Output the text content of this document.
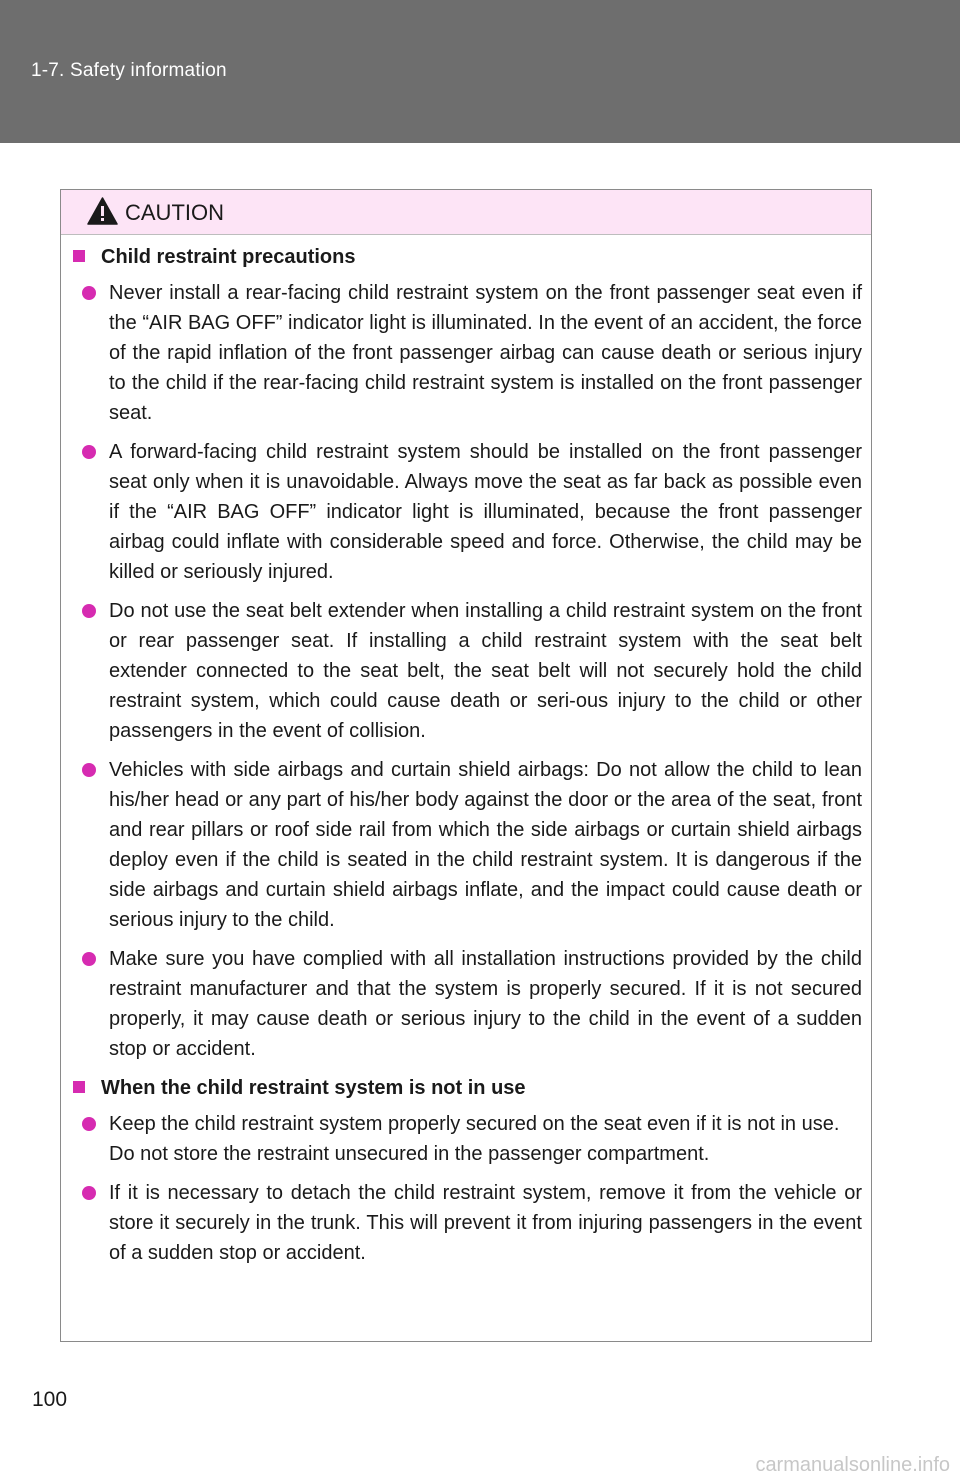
1-7. Safety information
CAUTION
Child restraint precautions

Never install a rear-facing child restraint system on the front passenger seat even if the “AIR BAG OFF” indicator light is illuminated. In the event of an accident, the force of the rapid inflation of the front passenger airbag can cause death or serious injury to the child if the rear-facing child restraint system is installed on the front passenger seat.

A forward-facing child restraint system should be installed on the front passenger seat only when it is unavoidable. Always move the seat as far back as possible even if the “AIR BAG OFF” indicator light is illuminated, because the front passenger airbag could inflate with considerable speed and force. Otherwise, the child may be killed or seriously injured.

Do not use the seat belt extender when installing a child restraint system on the front or rear passenger seat. If installing a child restraint system with the seat belt extender connected to the seat belt, the seat belt will not securely hold the child restraint system, which could cause death or seri-ous injury to the child or other passengers in the event of collision.

Vehicles with side airbags and curtain shield airbags: Do not allow the child to lean his/her head or any part of his/her body against the door or the area of the seat, front and rear pillars or roof side rail from which the side airbags or curtain shield airbags deploy even if the child is seated in the child restraint system. It is dangerous if the side airbags and curtain shield airbags inflate, and the impact could cause death or serious injury to the child.

Make sure you have complied with all installation instructions provided by the child restraint manufacturer and that the system is properly secured. If it is not secured properly, it may cause death or serious injury to the child in the event of a sudden stop or accident.

When the child restraint system is not in use

Keep the child restraint system properly secured on the seat even if it is not in use.

Do not store the restraint unsecured in the passenger compartment.

If it is necessary to detach the child restraint system, remove it from the vehicle or store it securely in the trunk. This will prevent it from injuring passengers in the event of a sudden stop or accident.

100
carmanualsonline.info
